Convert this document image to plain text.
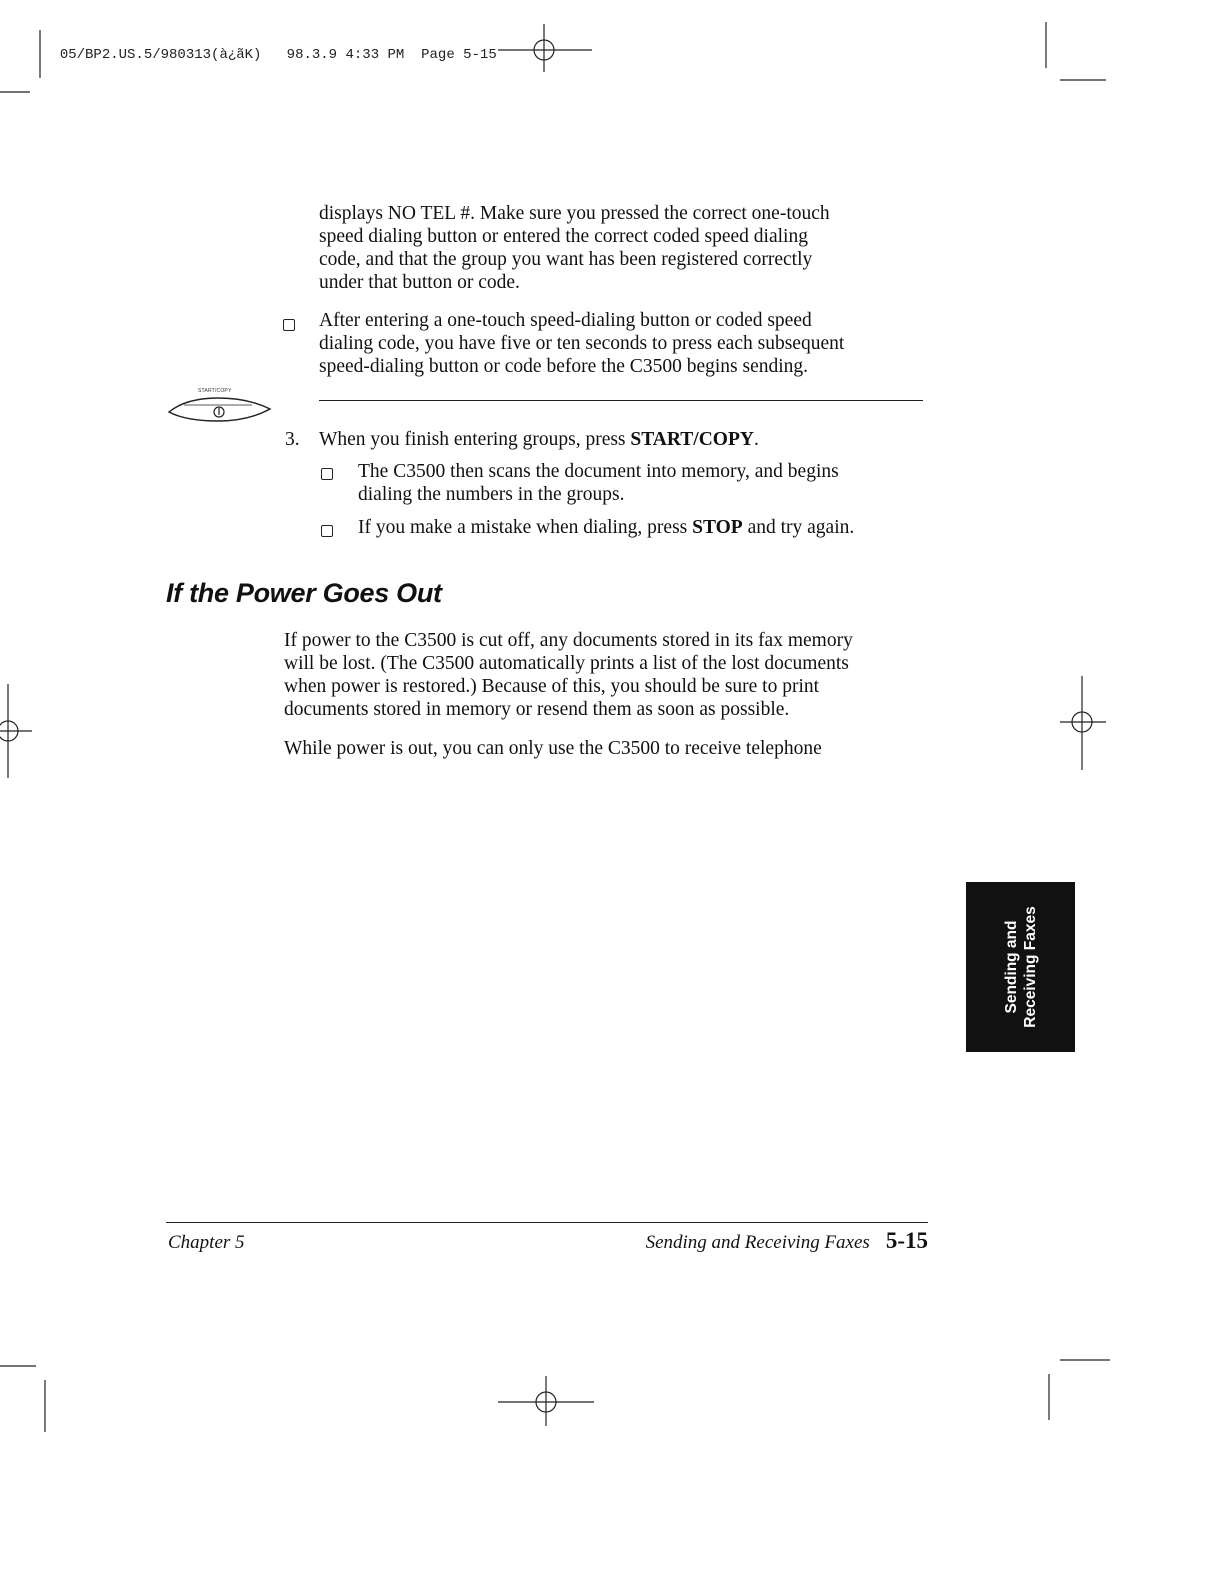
05/BP2.US.5/980313(à¿ãK) 98.3.9 4:33 PM Page 5-15

displays NO TEL #. Make sure you pressed the correct one-touch
speed dialing button or entered the correct coded speed dialing
code, and that the group you want has been registered correctly
under that button or code.
After entering a one-touch speed-dialing button or coded speed
dialing code, you have five or ten seconds to press each subsequent
speed-dialing button or code before the C3500 begins sending.
START/COPY
3. When you finish entering groups, press START/COPY.
The C3500 then scans the document into memory, and begins
dialing the numbers in the groups.
If you make a mistake when dialing, press STOP and try again.
If the Power Goes Out
If power to the C3500 is cut off, any documents stored in its fax memory
will be lost. (The C3500 automatically prints a list of the lost documents
when power is restored.) Because of this, you should be sure to print
documents stored in memory or resend them as soon as possible.
While power is out, you can only use the C3500 to receive telephone
Sending and Receiving Faxes
Chapter 5	Sending and Receiving Faxes 5-15
